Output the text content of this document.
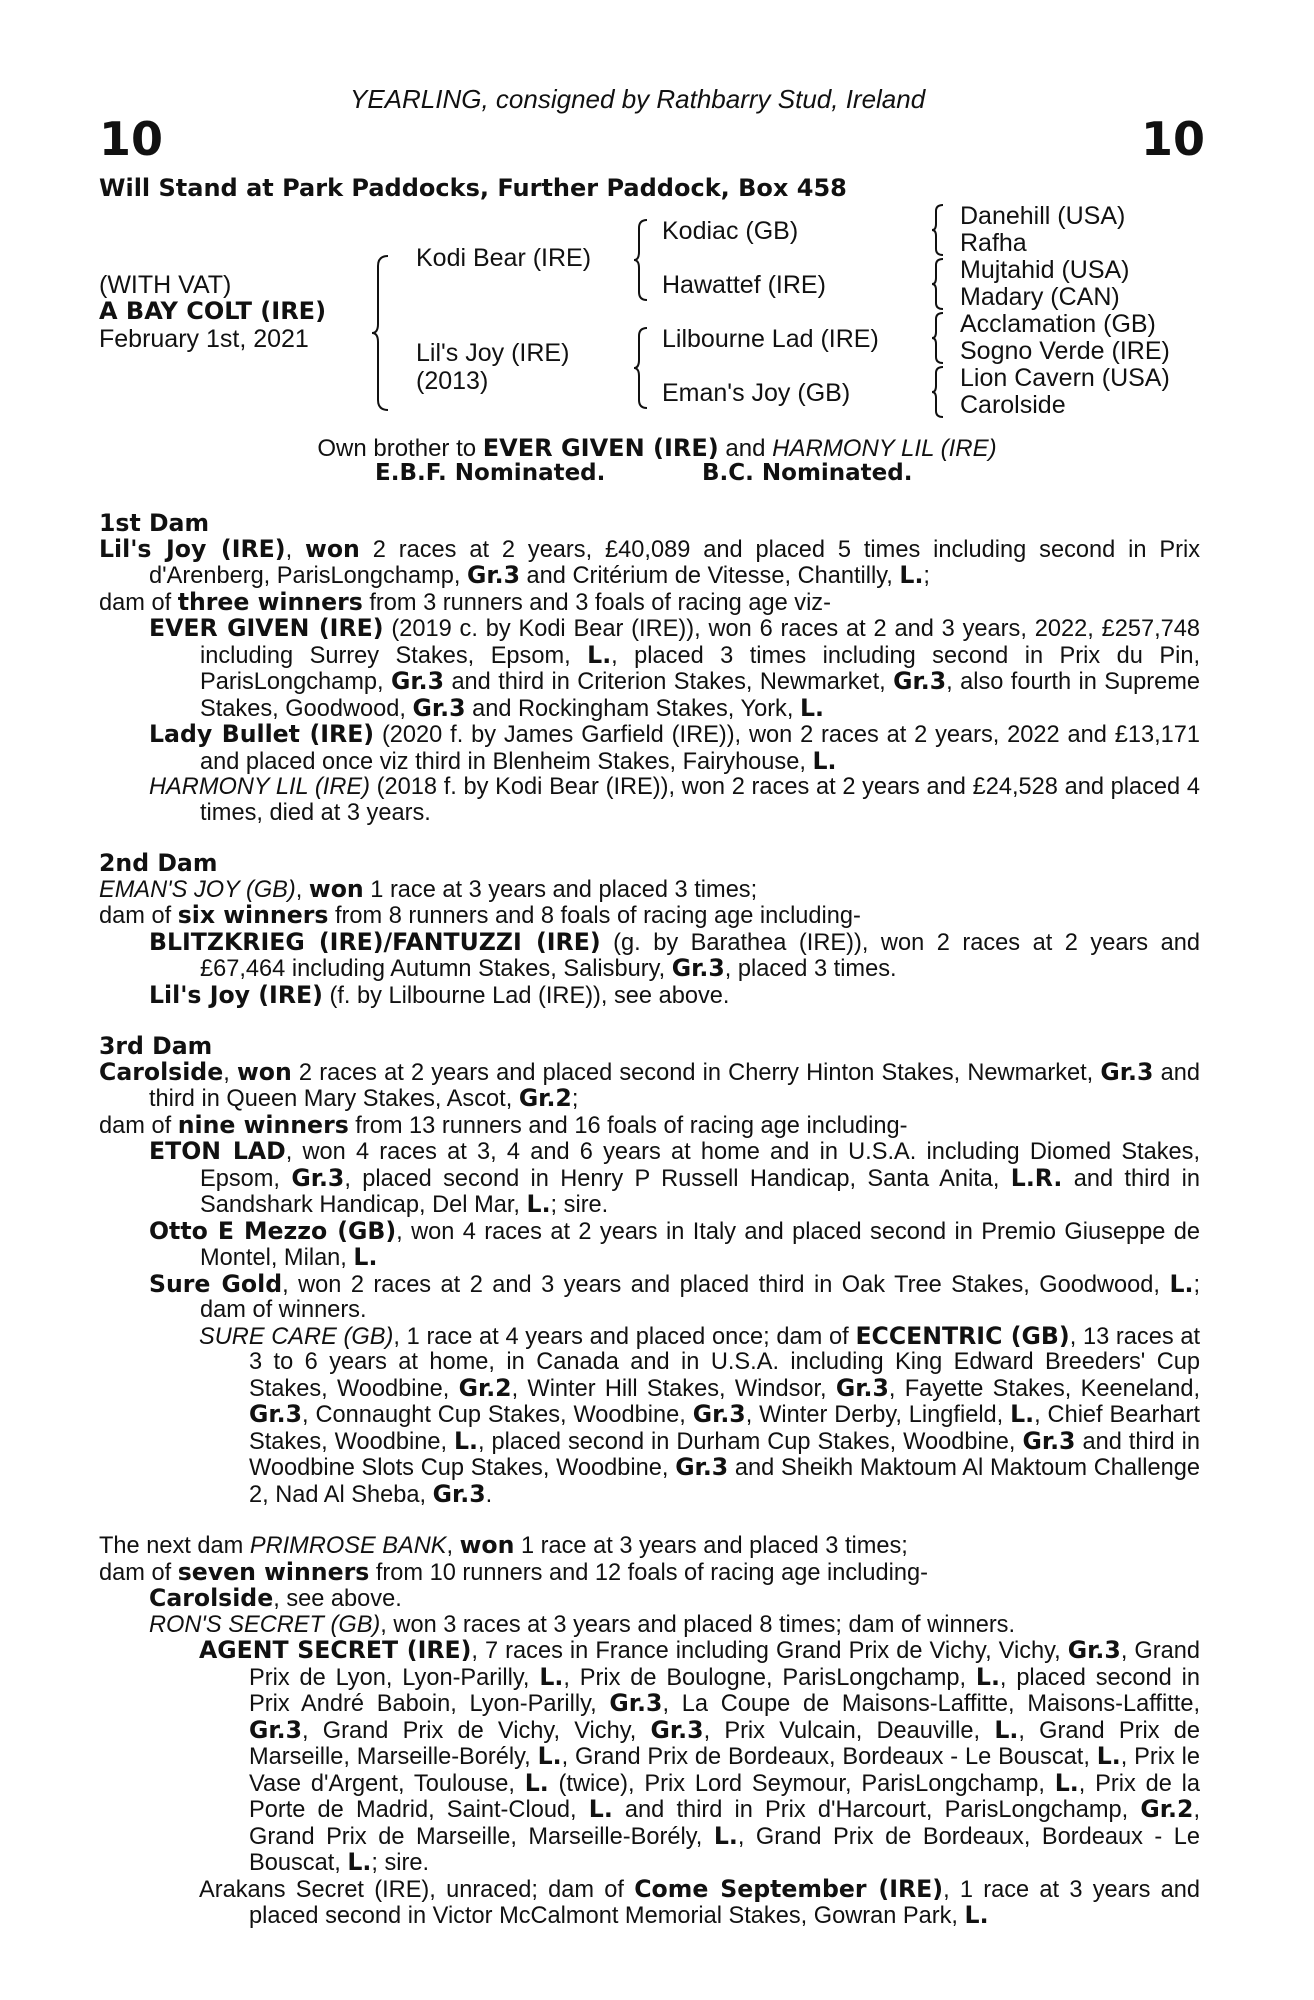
YEARLING, consigned by Rathbarry Stud, Ireland
10	10
Will Stand at Park Paddocks, Further Paddock, Box 458
(WITH VAT)
A BAY COLT (IRE)
February 1st, 2021
Kodi Bear (IRE)
Lil's Joy (IRE)
(2013)
Kodiac (GB)
Hawattef (IRE)
Lilbourne Lad (IRE)
Eman's Joy (GB)
Danehill (USA)
Rafha
Mujtahid (USA)
Madary (CAN)
Acclamation (GB)
Sogno Verde (IRE)
Lion Cavern (USA)
Carolside
Own brother to EVER GIVEN (IRE) and HARMONY LIL (IRE)
E.B.F. Nominated.	B.C. Nominated.

1st Dam

Lil's Joy (IRE), won 2 races at 2 years, £40,089 and placed 5 times including second in Prix d'Arenberg, ParisLongchamp, Gr.3 and Critérium de Vitesse, Chantilly, L.;

dam of three winners from 3 runners and 3 foals of racing age viz-

EVER GIVEN (IRE) (2019 c. by Kodi Bear (IRE)), won 6 races at 2 and 3 years, 2022, £257,748 including Surrey Stakes, Epsom, L., placed 3 times including second in Prix du Pin, ParisLongchamp, Gr.3 and third in Criterion Stakes, Newmarket, Gr.3, also fourth in Supreme Stakes, Goodwood, Gr.3 and Rockingham Stakes, York, L.

Lady Bullet (IRE) (2020 f. by James Garfield (IRE)), won 2 races at 2 years, 2022 and £13,171 and placed once viz third in Blenheim Stakes, Fairyhouse, L.

HARMONY LIL (IRE) (2018 f. by Kodi Bear (IRE)), won 2 races at 2 years and £24,528 and placed 4 times, died at 3 years.

2nd Dam

EMAN'S JOY (GB), won 1 race at 3 years and placed 3 times;

dam of six winners from 8 runners and 8 foals of racing age including-

BLITZKRIEG (IRE)/FANTUZZI (IRE) (g. by Barathea (IRE)), won 2 races at 2 years and £67,464 including Autumn Stakes, Salisbury, Gr.3, placed 3 times.

Lil's Joy (IRE) (f. by Lilbourne Lad (IRE)), see above.

3rd Dam

Carolside, won 2 races at 2 years and placed second in Cherry Hinton Stakes, Newmarket, Gr.3 and third in Queen Mary Stakes, Ascot, Gr.2;

dam of nine winners from 13 runners and 16 foals of racing age including-

ETON LAD, won 4 races at 3, 4 and 6 years at home and in U.S.A. including Diomed Stakes, Epsom, Gr.3, placed second in Henry P Russell Handicap, Santa Anita, L.R. and third in Sandshark Handicap, Del Mar, L.; sire.

Otto E Mezzo (GB), won 4 races at 2 years in Italy and placed second in Premio Giuseppe de Montel, Milan, L.

Sure Gold, won 2 races at 2 and 3 years and placed third in Oak Tree Stakes, Goodwood, L.; dam of winners.

SURE CARE (GB), 1 race at 4 years and placed once; dam of ECCENTRIC (GB), 13 races at 3 to 6 years at home, in Canada and in U.S.A. including King Edward Breeders' Cup Stakes, Woodbine, Gr.2, Winter Hill Stakes, Windsor, Gr.3, Fayette Stakes, Keeneland, Gr.3, Connaught Cup Stakes, Woodbine, Gr.3, Winter Derby, Lingfield, L., Chief Bearhart Stakes, Woodbine, L., placed second in Durham Cup Stakes, Woodbine, Gr.3 and third in Woodbine Slots Cup Stakes, Woodbine, Gr.3 and Sheikh Maktoum Al Maktoum Challenge 2, Nad Al Sheba, Gr.3.

The next dam PRIMROSE BANK, won 1 race at 3 years and placed 3 times;

dam of seven winners from 10 runners and 12 foals of racing age including-

Carolside, see above.

RON'S SECRET (GB), won 3 races at 3 years and placed 8 times; dam of winners.

AGENT SECRET (IRE), 7 races in France including Grand Prix de Vichy, Vichy, Gr.3, Grand Prix de Lyon, Lyon-Parilly, L., Prix de Boulogne, ParisLongchamp, L., placed second in Prix André Baboin, Lyon-Parilly, Gr.3, La Coupe de Maisons-Laffitte, Maisons-Laffitte, Gr.3, Grand Prix de Vichy, Vichy, Gr.3, Prix Vulcain, Deauville, L., Grand Prix de Marseille, Marseille-Borély, L., Grand Prix de Bordeaux, Bordeaux - Le Bouscat, L., Prix le Vase d'Argent, Toulouse, L. (twice), Prix Lord Seymour, ParisLongchamp, L., Prix de la Porte de Madrid, Saint-Cloud, L. and third in Prix d'Harcourt, ParisLongchamp, Gr.2, Grand Prix de Marseille, Marseille-Borély, L., Grand Prix de Bordeaux, Bordeaux - Le Bouscat, L.; sire.

Arakans Secret (IRE), unraced; dam of Come September (IRE), 1 race at 3 years and placed second in Victor McCalmont Memorial Stakes, Gowran Park, L.
